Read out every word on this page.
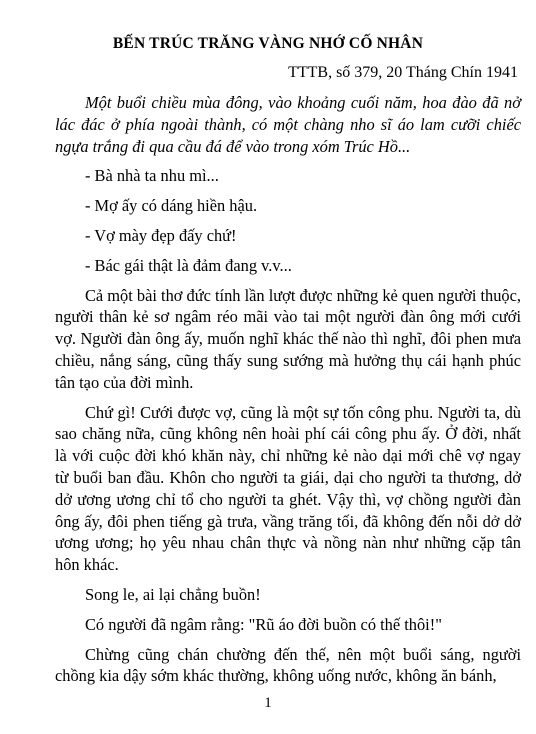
BẾN TRÚC TRĂNG VÀNG NHỚ CỐ NHÂN
TTTB, số 379, 20 Tháng Chín 1941

Một buổi chiều mùa đông, vào khoảng cuối năm, hoa đào đã nở lác đác ở phía ngoài thành, có một chàng nho sĩ áo lam cưỡi chiếc ngựa trắng đi qua cầu đá để vào trong xóm Trúc Hồ...

- Bà nhà ta nhu mì...

- Mợ ấy có dáng hiền hậu.

- Vợ mày đẹp đấy chứ!

- Bác gái thật là đảm đang v.v...

Cả một bài thơ đức tính lần lượt được những kẻ quen người thuộc, người thân kẻ sơ ngâm réo mãi vào tai một người đàn ông mới cưới vợ. Người đàn ông ấy, muốn nghĩ khác thế nào thì nghĩ, đôi phen mưa chiều, nắng sáng, cũng thấy sung sướng mà hưởng thụ cái hạnh phúc tân tạo của đời mình.

Chứ gì! Cưới được vợ, cũng là một sự tốn công phu. Người ta, dù sao chăng nữa, cũng không nên hoài phí cái công phu ấy. Ở đời, nhất là với cuộc đời khó khăn này, chỉ những kẻ nào dại mới chê vợ ngay từ buổi ban đầu. Khôn cho người ta giái, dại cho người ta thương, dở dở ương ương chỉ tổ cho người ta ghét. Vậy thì, vợ chồng người đàn ông ấy, đôi phen tiếng gà trưa, vầng trăng tối, đã không đến nỗi dở dở ương ương; họ yêu nhau chân thực và nồng nàn như những cặp tân hôn khác.

Song le, ai lại chẳng buồn!

Có người đã ngâm rằng: "Rũ áo đời buồn có thế thôi!"

Chừng cũng chán chường đến thế, nên một buổi sáng, người chồng kia dậy sớm khác thường, không uống nước, không ăn bánh,

1
